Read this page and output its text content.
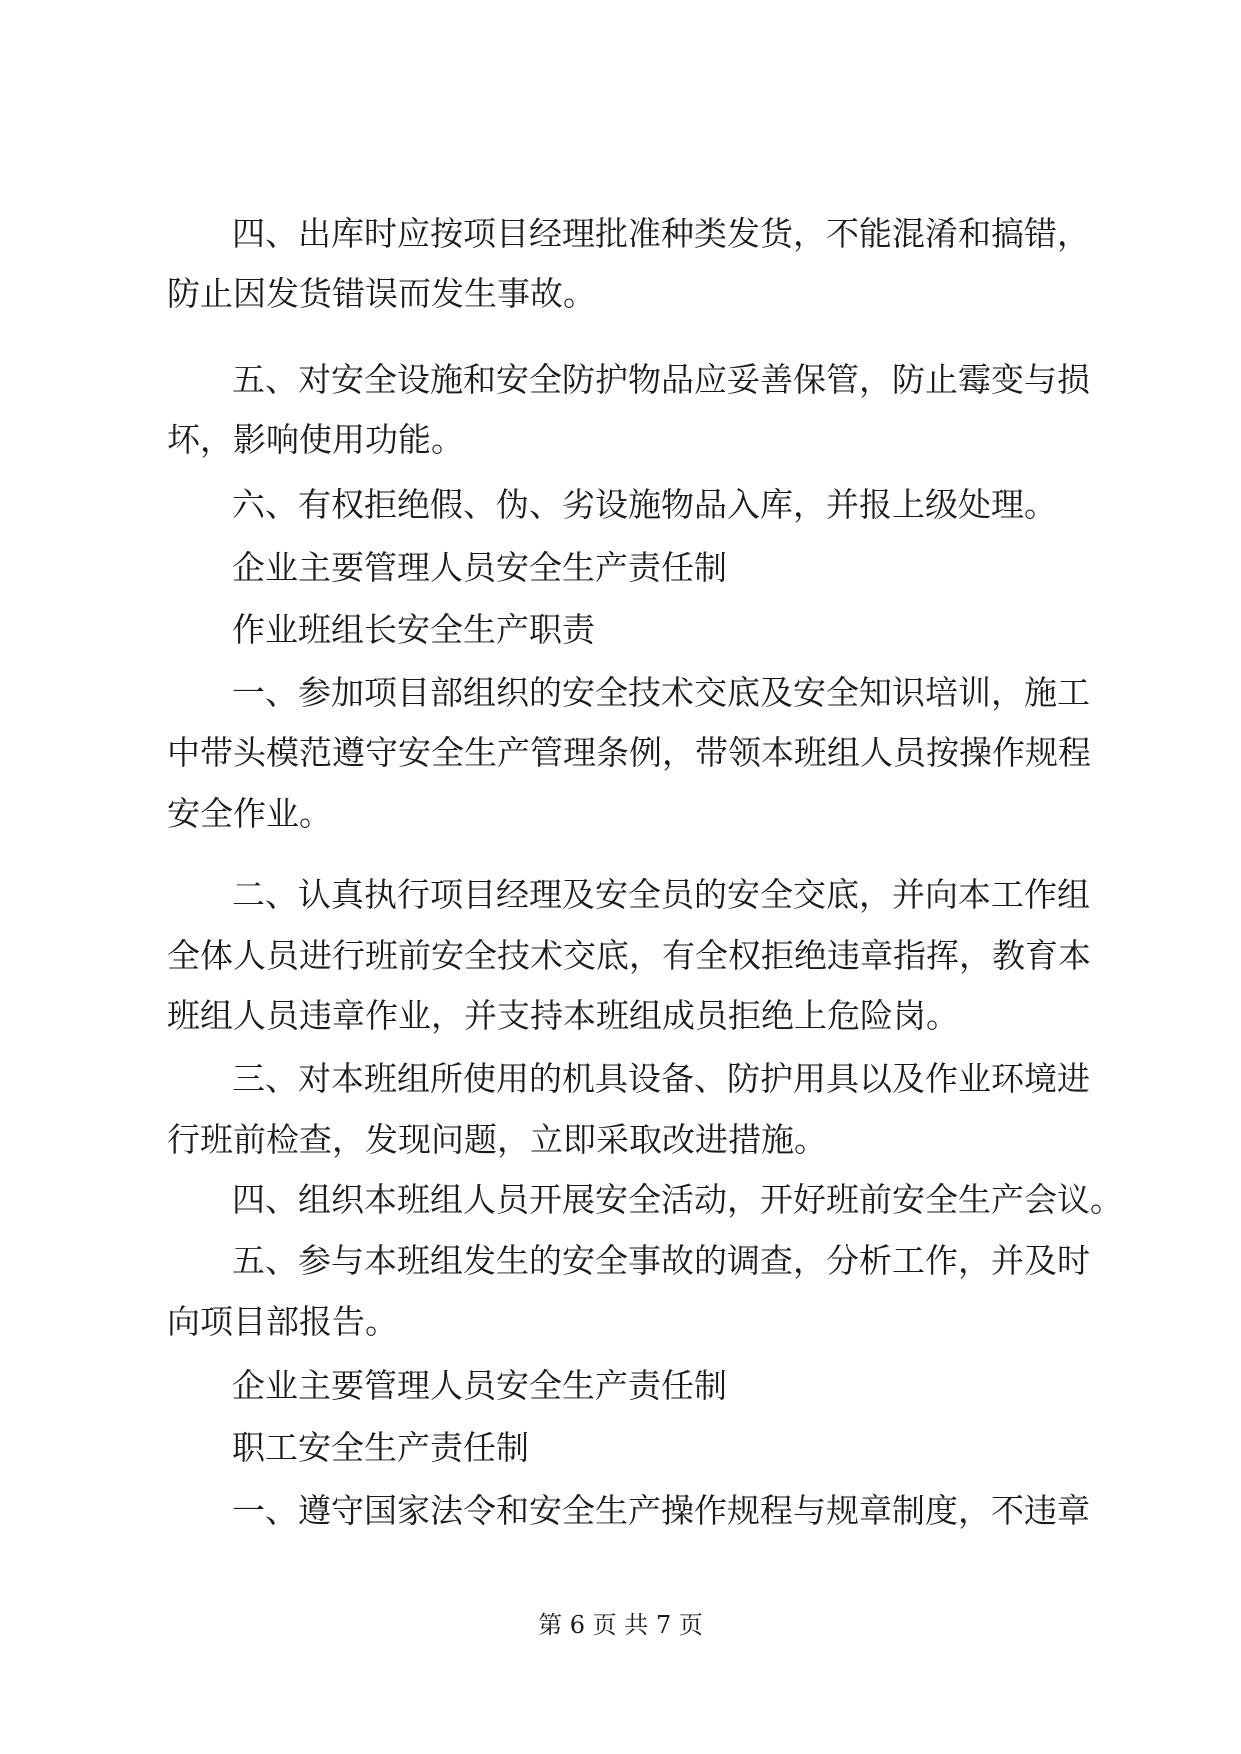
四、出库时应按项目经理批准种类发货，不能混淆和搞错，
防止因发货错误而发生事故。
五、对安全设施和安全防护物品应妥善保管，防止霉变与损
坏，影响使用功能。
六、有权拒绝假、伪、劣设施物品入库，并报上级处理。
企业主要管理人员安全生产责任制
作业班组长安全生产职责
一、参加项目部组织的安全技术交底及安全知识培训，施工
中带头模范遵守安全生产管理条例，带领本班组人员按操作规程
安全作业。
二、认真执行项目经理及安全员的安全交底，并向本工作组
全体人员进行班前安全技术交底，有全权拒绝违章指挥，教育本
班组人员违章作业，并支持本班组成员拒绝上危险岗。
三、对本班组所使用的机具设备、防护用具以及作业环境进
行班前检查，发现问题，立即采取改进措施。
四、组织本班组人员开展安全活动，开好班前安全生产会议。
五、参与本班组发生的安全事故的调查，分析工作，并及时
向项目部报告。
企业主要管理人员安全生产责任制
职工安全生产责任制
一、遵守国家法令和安全生产操作规程与规章制度，不违章
第 6 页 共 7 页
